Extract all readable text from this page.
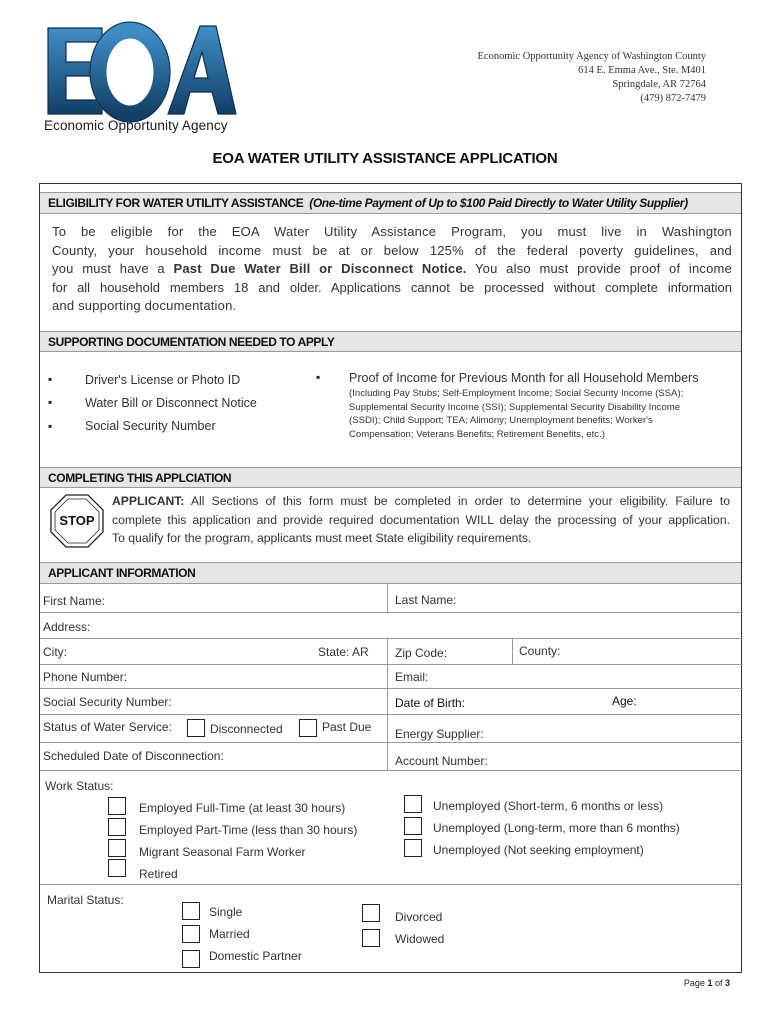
Economic Opportunity Agency
Economic Opportunity Agency of Washington County
614 E. Emma Ave., Ste. M401
Springdale, AR 72764
(479) 872-7479
EOA WATER UTILITY ASSISTANCE APPLICATION
ELIGIBILITY FOR WATER UTILITY ASSISTANCE (One-time Payment of Up to $100 Paid Directly to Water Utility Supplier)
To be eligible for the EOA Water Utility Assistance Program, you must live in Washington
County, your household income must be at or below 125% of the federal poverty guidelines, and
you must have a Past Due Water Bill or Disconnect Notice. You also must provide proof of income
for all household members 18 and older. Applications cannot be processed without complete information
and supporting documentation.
SUPPORTING DOCUMENTATION NEEDED TO APPLY
▪	Driver's License or Photo ID
▪	Water Bill or Disconnect Notice
▪	Social Security Number
▪ Proof of Income for Previous Month for all Household Members
(Including Pay Stubs; Self-Employment Income; Social Security Income (SSA);
Supplemental Security Income (SSI); Supplemental Security Disability Income
(SSDI); Child Support; TEA; Alimony; Unemployment benefits; Worker's
Compensation; Veterans Benefits; Retirement Benefits, etc.)
COMPLETING THIS APPLCIATION
STOP
APPLICANT: All Sections of this form must be completed in order to determine your eligibility. Failure to
complete this application and provide required documentation WILL delay the processing of your application.
To qualify for the program, applicants must meet State eligibility requirements.
APPLICANT INFORMATION
First Name:	Last Name:
Address:
City:	State: AR Zip Code:	County:
Phone Number:	Email:
Social Security Number:	Date of Birth:	Age:
Status of Water Service:	Disconnected	Past Due Energy Supplier:
Scheduled Date of Disconnection:	Account Number:
Work Status:
Employed Full-Time (at least 30 hours)
Employed Part-Time (less than 30 hours)
Migrant Seasonal Farm Worker
Retired
Unemployed (Short-term, 6 months or less)
Unemployed (Long-term, more than 6 months)
Unemployed (Not seeking employment)
Marital Status:
Single
Married
Domestic Partner
Divorced
Widowed
Page 1 of 3
